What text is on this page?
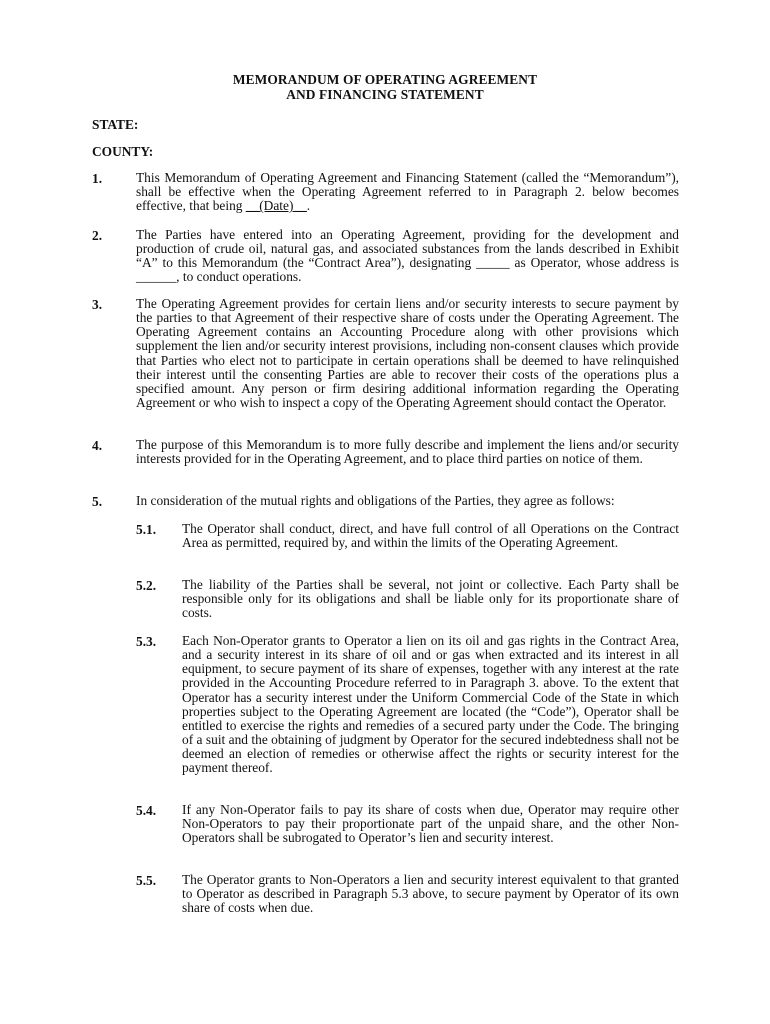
MEMORANDUM OF OPERATING AGREEMENT
AND FINANCING STATEMENT
STATE:
COUNTY:
1.	This Memorandum of Operating Agreement and Financing Statement (called the “Memorandum”), shall be effective when the Operating Agreement referred to in Paragraph 2. below becomes effective, that being __(Date)__.
2.	The Parties have entered into an Operating Agreement, providing for the development and production of crude oil, natural gas, and associated substances from the lands described in Exhibit “A” to this Memorandum (the “Contract Area”), designating _____ as Operator, whose address is ______, to conduct operations.
3.	The Operating Agreement provides for certain liens and/or security interests to secure payment by the parties to that Agreement of their respective share of costs under the Operating Agreement. The Operating Agreement contains an Accounting Procedure along with other provisions which supplement the lien and/or security interest provisions, including non-consent clauses which provide that Parties who elect not to participate in certain operations shall be deemed to have relinquished their interest until the consenting Parties are able to recover their costs of the operations plus a specified amount. Any person or firm desiring additional information regarding the Operating Agreement or who wish to inspect a copy of the Operating Agreement should contact the Operator.
4.	The purpose of this Memorandum is to more fully describe and implement the liens and/or security interests provided for in the Operating Agreement, and to place third parties on notice of them.
5.	In consideration of the mutual rights and obligations of the Parties, they agree as follows:
5.1. The Operator shall conduct, direct, and have full control of all Operations on the Contract Area as permitted, required by, and within the limits of the Operating Agreement.
5.2. The liability of the Parties shall be several, not joint or collective. Each Party shall be responsible only for its obligations and shall be liable only for its proportionate share of costs.
5.3. Each Non-Operator grants to Operator a lien on its oil and gas rights in the Contract Area, and a security interest in its share of oil and or gas when extracted and its interest in all equipment, to secure payment of its share of expenses, together with any interest at the rate provided in the Accounting Procedure referred to in Paragraph 3. above. To the extent that Operator has a security interest under the Uniform Commercial Code of the State in which properties subject to the Operating Agreement are located (the “Code”), Operator shall be entitled to exercise the rights and remedies of a secured party under the Code. The bringing of a suit and the obtaining of judgment by Operator for the secured indebtedness shall not be deemed an election of remedies or otherwise affect the rights or security interest for the payment thereof.
5.4. If any Non-Operator fails to pay its share of costs when due, Operator may require other Non-Operators to pay their proportionate part of the unpaid share, and the other Non-Operators shall be subrogated to Operator’s lien and security interest.
5.5. The Operator grants to Non-Operators a lien and security interest equivalent to that granted to Operator as described in Paragraph 5.3 above, to secure payment by Operator of its own share of costs when due.
